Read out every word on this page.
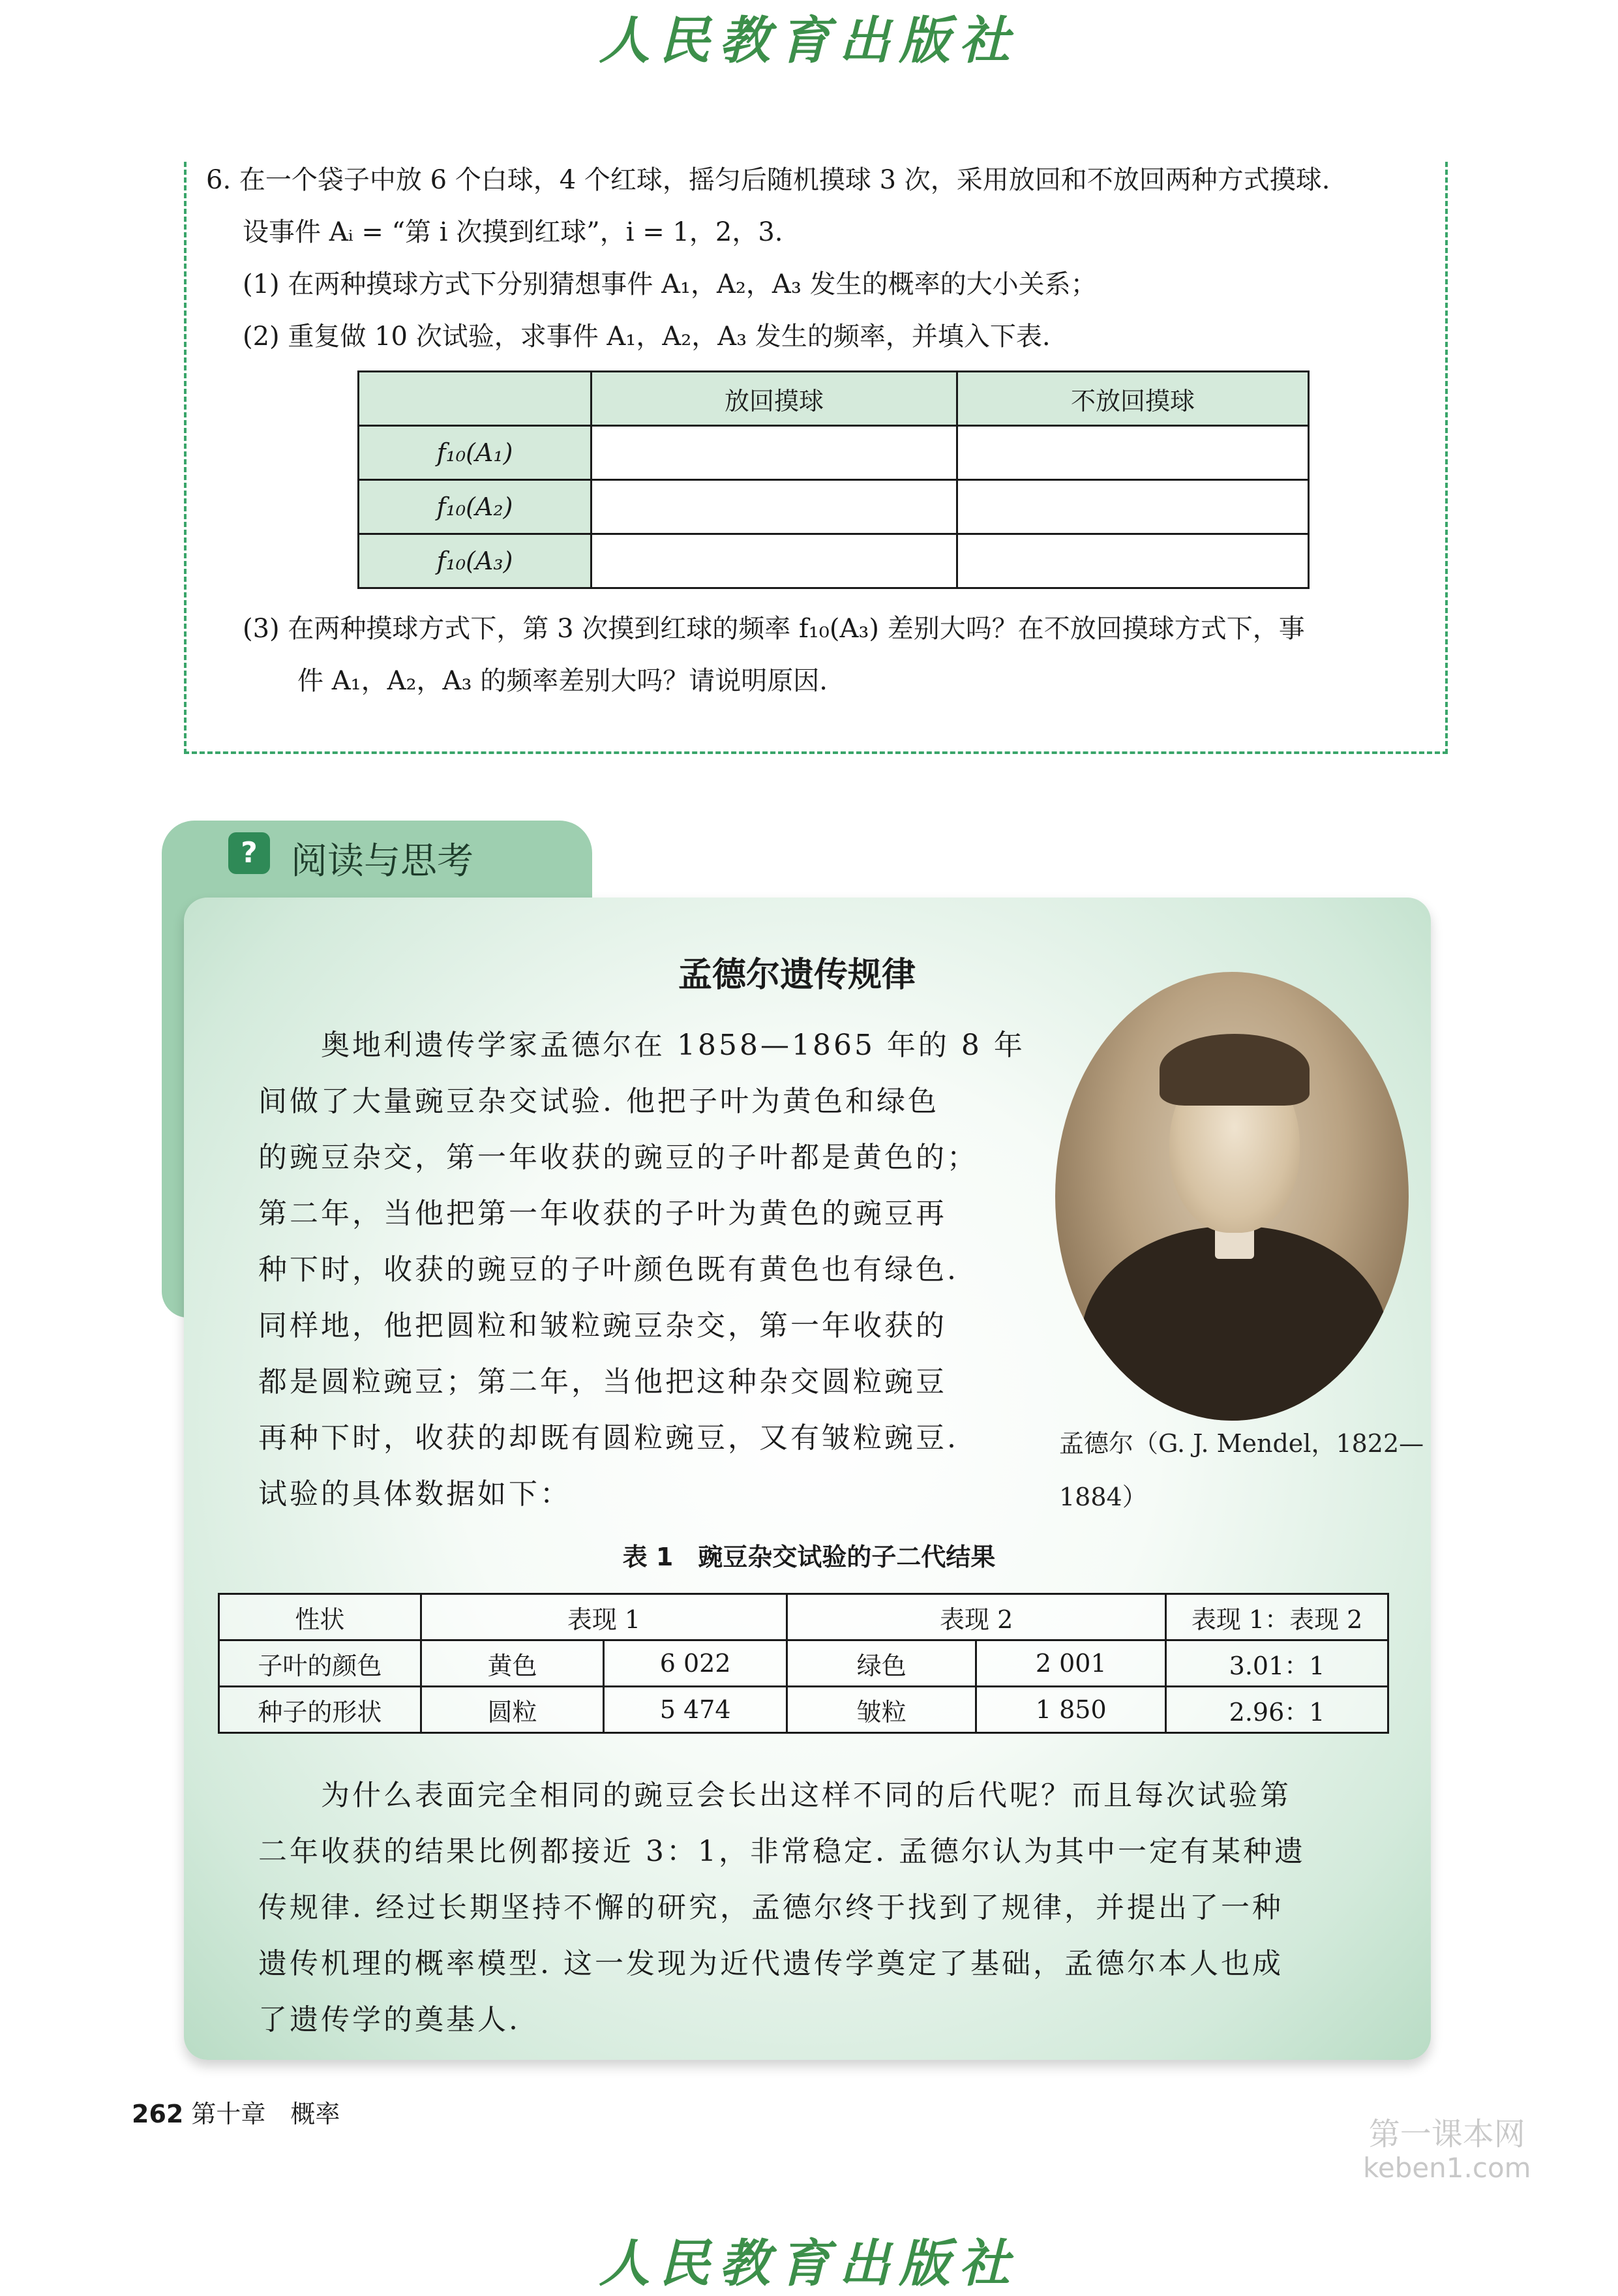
人民教育出版社
6. 在一个袋子中放 6 个白球，4 个红球，摇匀后随机摸球 3 次，采用放回和不放回两种方式摸球.
设事件 Aᵢ = “第 i 次摸到红球”，i = 1，2，3.
(1) 在两种摸球方式下分别猜想事件 A₁，A₂，A₃ 发生的概率的大小关系；
(2) 重复做 10 次试验，求事件 A₁，A₂，A₃ 发生的频率，并填入下表.
(3) 在两种摸球方式下，第 3 次摸到红球的频率 f₁₀(A₃) 差别大吗？在不放回摸球方式下，事
件 A₁，A₂，A₃ 的频率差别大吗？请说明原因.
	放回摸球	不放回摸球
f₁₀(A₁)		
f₁₀(A₂)		
f₁₀(A₃)		
? 阅读与思考
孟德尔遗传规律
　　奥地利遗传学家孟德尔在 1858—1865 年的 8 年
间做了大量豌豆杂交试验. 他把子叶为黄色和绿色
的豌豆杂交，第一年收获的豌豆的子叶都是黄色的；
第二年，当他把第一年收获的子叶为黄色的豌豆再
种下时，收获的豌豆的子叶颜色既有黄色也有绿色.
同样地，他把圆粒和皱粒豌豆杂交，第一年收获的
都是圆粒豌豆；第二年，当他把这种杂交圆粒豌豆
再种下时，收获的却既有圆粒豌豆，又有皱粒豌豆.
试验的具体数据如下：
孟德尔（G. J. Mendel，1822—
1884）
表 1　豌豆杂交试验的子二代结果
性状	表现 1		表现 2		表现 1：表现 2
子叶的颜色	黄色	6 022	绿色	2 001	3.01：1
种子的形状	圆粒	5 474	皱粒	1 850	2.96：1
　　为什么表面完全相同的豌豆会长出这样不同的后代呢？而且每次试验第
二年收获的结果比例都接近 3：1，非常稳定. 孟德尔认为其中一定有某种遗
传规律. 经过长期坚持不懈的研究，孟德尔终于找到了规律，并提出了一种
遗传机理的概率模型. 这一发现为近代遗传学奠定了基础，孟德尔本人也成
了遗传学的奠基人.
262 第十章　概率
第一课本网
keben1.com
人民教育出版社
